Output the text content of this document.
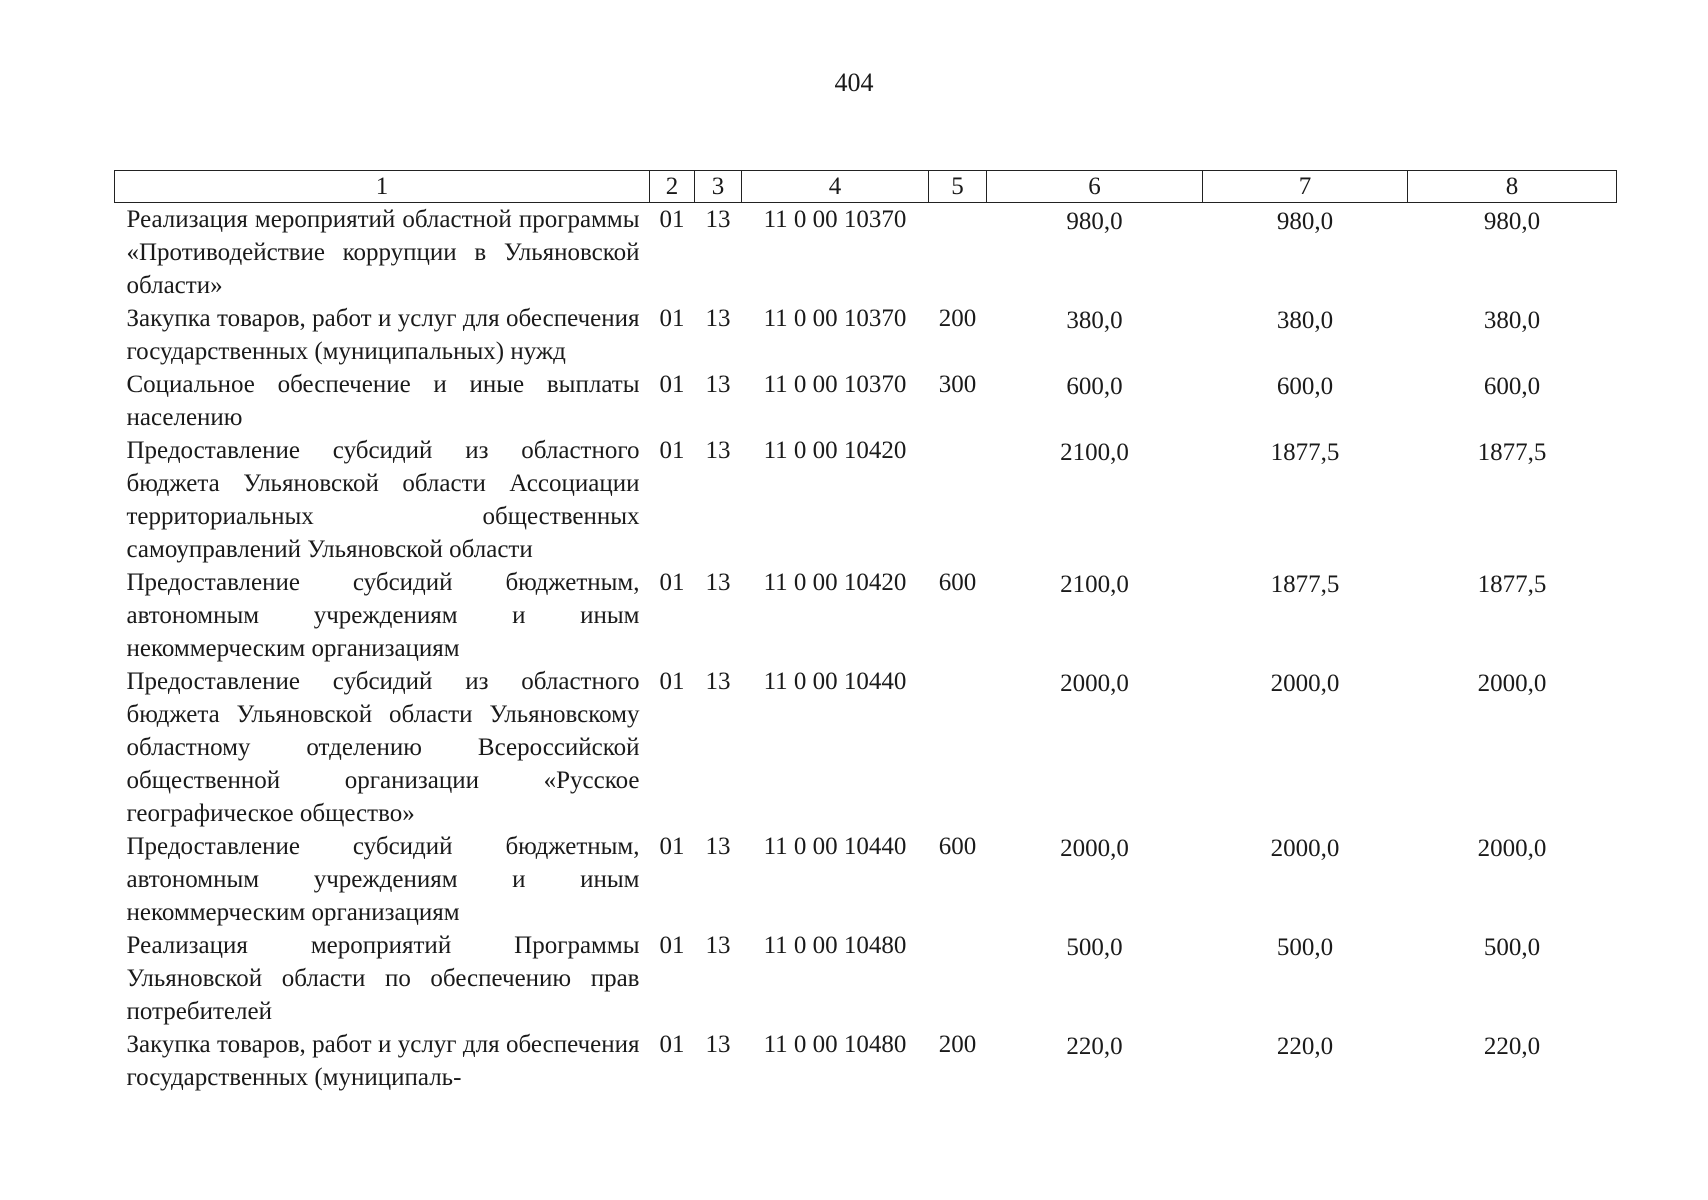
404
1	2	3	4	5	6	7	8
Реализация мероприятий областной программы «Противодействие коррупции в Ульяновской области»	01	13	11 0 00 10370		980,0	980,0	980,0
Закупка товаров, работ и услуг для обеспечения государственных (муниципальных) нужд	01	13	11 0 00 10370	200	380,0	380,0	380,0
Социальное обеспечение и иные выплаты населению	01	13	11 0 00 10370	300	600,0	600,0	600,0
Предоставление субсидий из областного бюджета Ульяновской области Ассоциации территориальных общественных самоуправлений Ульяновской области	01	13	11 0 00 10420		2100,0	1877,5	1877,5
Предоставление субсидий бюджетным, автономным учреждениям и иным некоммерческим организациям	01	13	11 0 00 10420	600	2100,0	1877,5	1877,5
Предоставление субсидий из областного бюджета Ульяновской области Ульяновскому областному отделению Всероссийской общественной организации «Русское географическое общество»	01	13	11 0 00 10440		2000,0	2000,0	2000,0
Предоставление субсидий бюджетным, автономным учреждениям и иным некоммерческим организациям	01	13	11 0 00 10440	600	2000,0	2000,0	2000,0
Реализация мероприятий Программы Ульяновской области по обеспечению прав потребителей	01	13	11 0 00 10480		500,0	500,0	500,0
Закупка товаров, работ и услуг для обеспечения государственных (муниципаль-	01	13	11 0 00 10480	200	220,0	220,0	220,0
